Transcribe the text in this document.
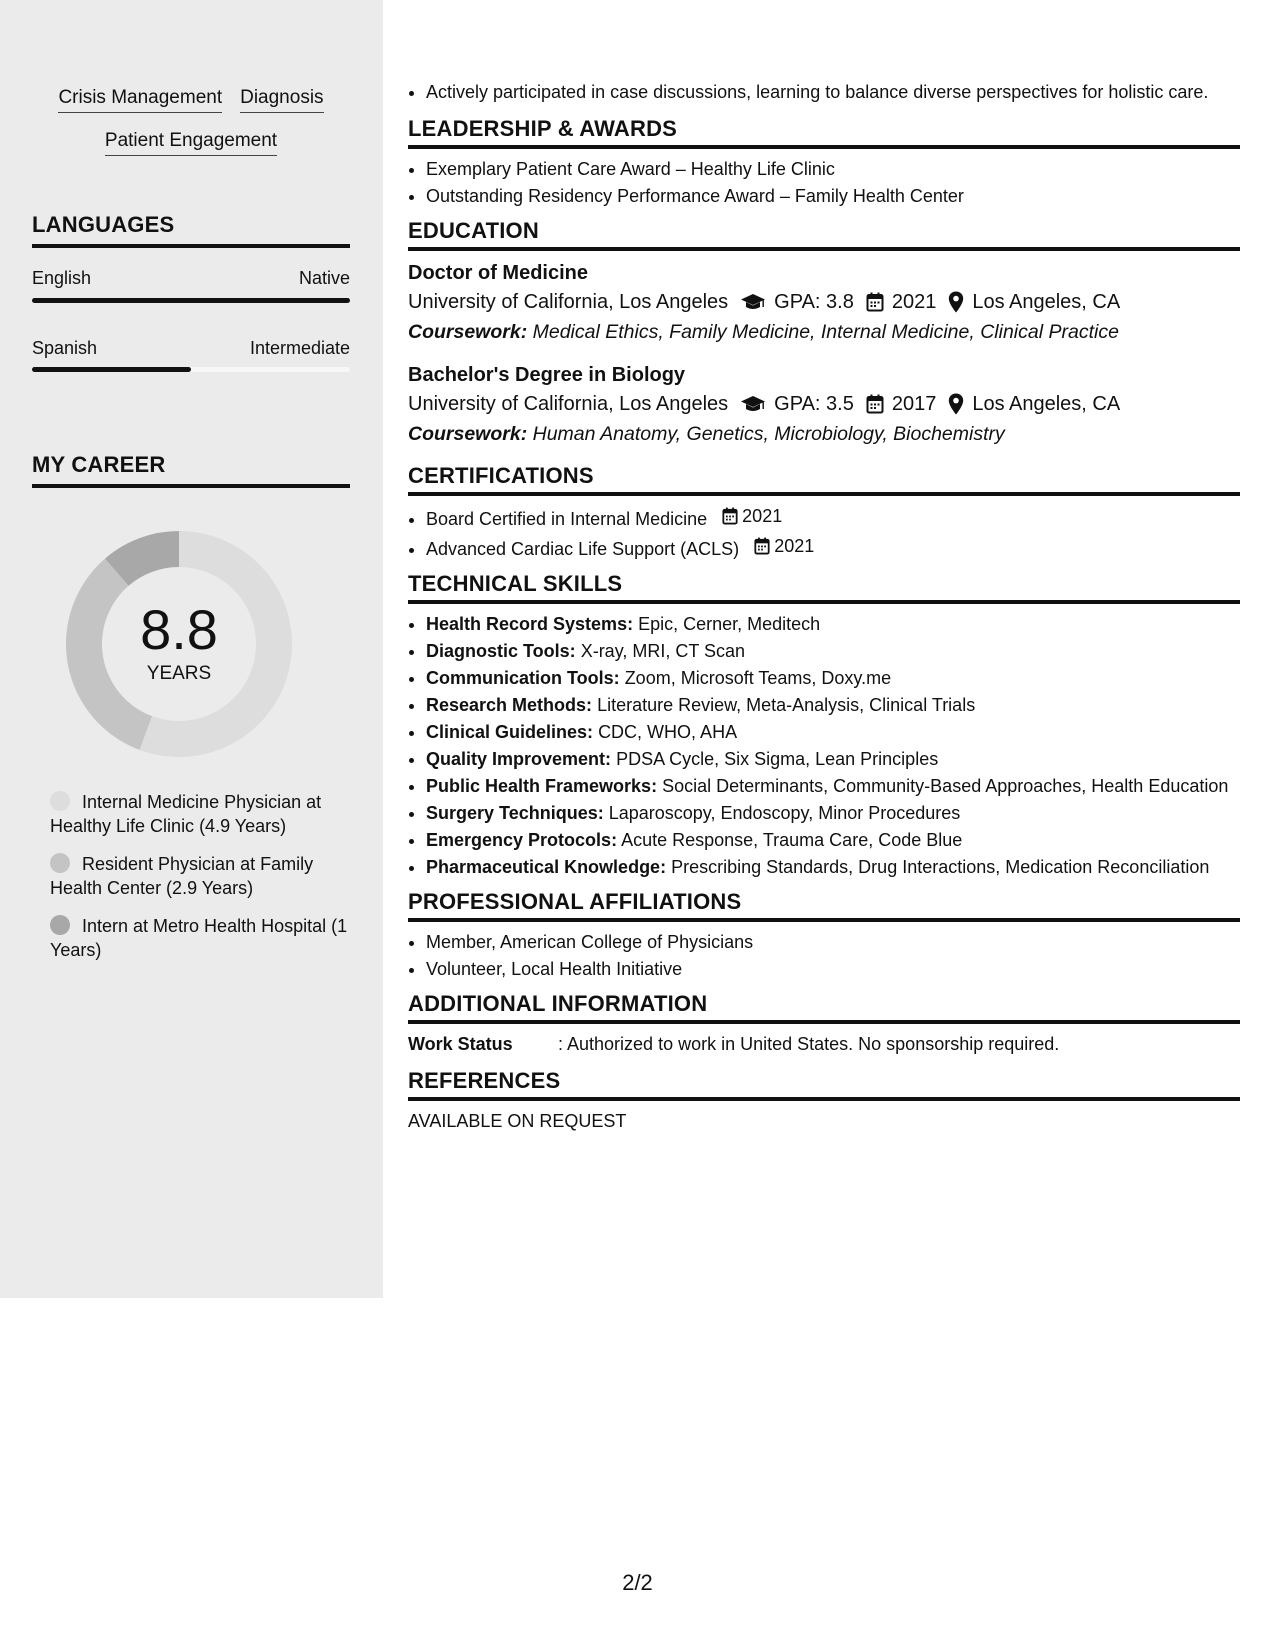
Crisis Management Diagnosis
Patient Engagement
LANGUAGES
English	Native
Spanish	Intermediate
MY CAREER
8.8
YEARS
Internal Medicine Physician at Healthy Life Clinic (4.9 Years)
Resident Physician at Family Health Center (2.9 Years)
Intern at Metro Health Hospital (1 Years)
• Actively participated in case discussions, learning to balance diverse perspectives for holistic care.
LEADERSHIP & AWARDS
• Exemplary Patient Care Award – Healthy Life Clinic
• Outstanding Residency Performance Award – Family Health Center
EDUCATION
Doctor of Medicine
University of California, Los Angeles GPA: 3.8 2021 Los Angeles, CA
Coursework: Medical Ethics, Family Medicine, Internal Medicine, Clinical Practice
Bachelor's Degree in Biology
University of California, Los Angeles GPA: 3.5 2017 Los Angeles, CA
Coursework: Human Anatomy, Genetics, Microbiology, Biochemistry
CERTIFICATIONS
• Board Certified in Internal Medicine 2021
• Advanced Cardiac Life Support (ACLS) 2021
TECHNICAL SKILLS
• Health Record Systems: Epic, Cerner, Meditech
• Diagnostic Tools: X-ray, MRI, CT Scan
• Communication Tools: Zoom, Microsoft Teams, Doxy.me
• Research Methods: Literature Review, Meta-Analysis, Clinical Trials
• Clinical Guidelines: CDC, WHO, AHA
• Quality Improvement: PDSA Cycle, Six Sigma, Lean Principles
• Public Health Frameworks: Social Determinants, Community-Based Approaches, Health Education
• Surgery Techniques: Laparoscopy, Endoscopy, Minor Procedures
• Emergency Protocols: Acute Response, Trauma Care, Code Blue
• Pharmaceutical Knowledge: Prescribing Standards, Drug Interactions, Medication Reconciliation
PROFESSIONAL AFFILIATIONS
• Member, American College of Physicians
• Volunteer, Local Health Initiative
ADDITIONAL INFORMATION
Work Status	: Authorized to work in United States. No sponsorship required.
REFERENCES
AVAILABLE ON REQUEST
2/2
